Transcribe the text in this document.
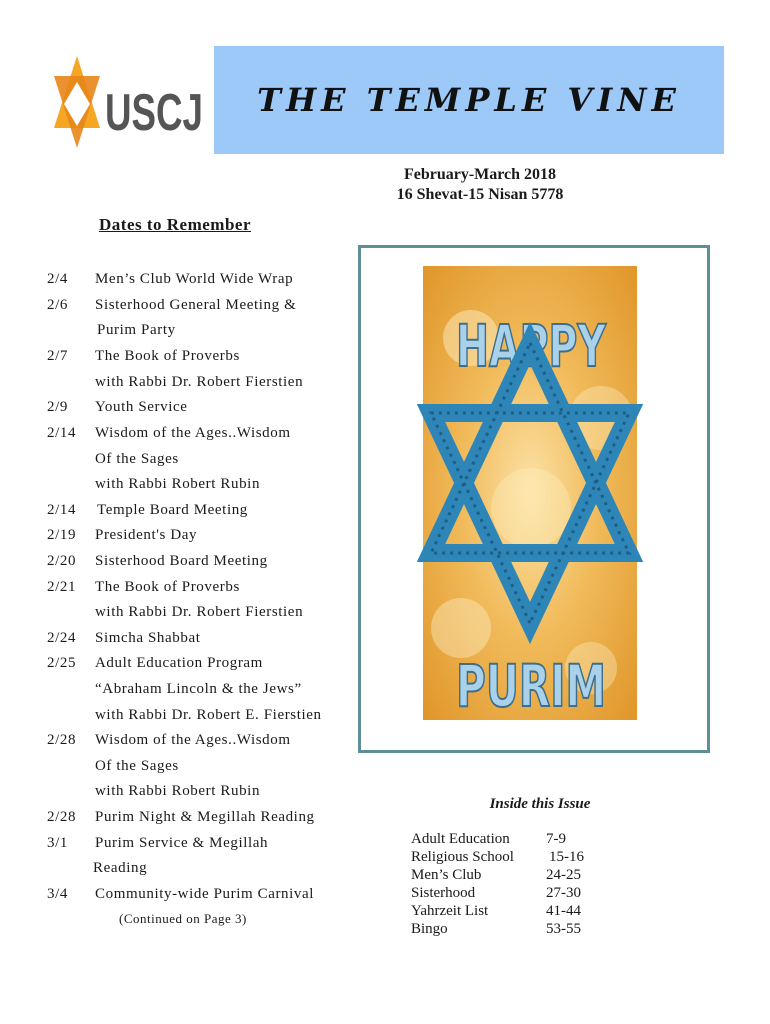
USCJ	THE TEMPLE VINE
February-March 2018
16 Shevat-15 Nisan 5778
Dates to Remember
2/4 Men’s Club World Wide Wrap
2/6 Sisterhood General Meeting &
Purim Party
2/7 The Book of Proverbs
with Rabbi Dr. Robert Fierstien
2/9 Youth Service
2/14 Wisdom of the Ages..Wisdom
Of the Sages
with Rabbi Robert Rubin
2/14 Temple Board Meeting
2/19 President's Day
2/20 Sisterhood Board Meeting
2/21 The Book of Proverbs
with Rabbi Dr. Robert Fierstien
2/24 Simcha Shabbat
2/25 Adult Education Program
“Abraham Lincoln & the Jews”
with Rabbi Dr. Robert E. Fierstien
2/28 Wisdom of the Ages..Wisdom
Of the Sages
with Rabbi Robert Rubin
2/28 Purim Night & Megillah Reading
3/1 Purim Service & Megillah
Reading
3/4 Community-wide Purim Carnival
(Continued on Page 3)
HAPPY
PURIM
Inside this Issue
Adult Education 7-9
Religious School 15-16
Men’s Club	24-25
Sisterhood	27-30
Yahrzeit List	41-44
Bingo	53-55
